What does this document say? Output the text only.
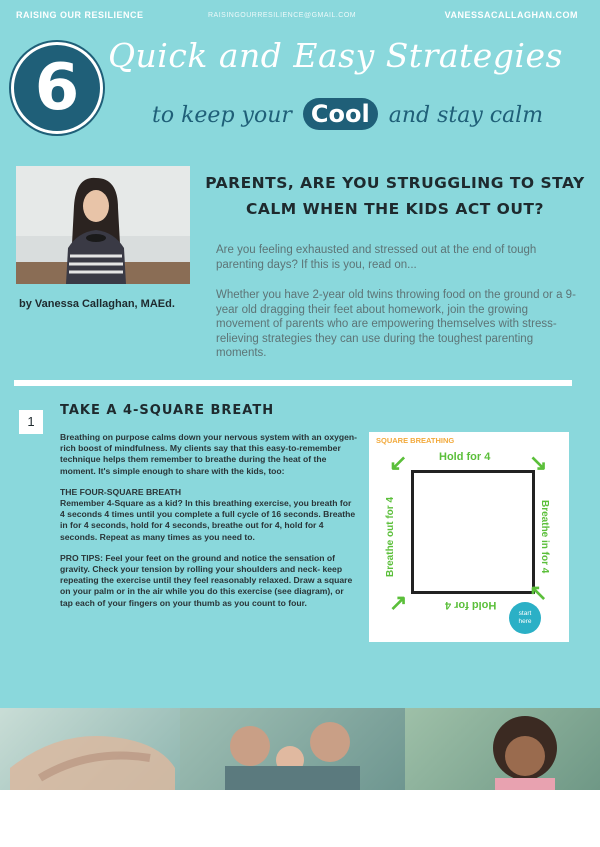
RAISING OUR RESILIENCE	RAISINGOURRESILIENCE@GMAIL.COM	VANESSACALLAGHAN.COM
6 Quick and Easy Strategies
to keep your Cool and stay calm
by Vanessa Callaghan, MAEd.
PARENTS, ARE YOU STRUGGLING TO STAY
CALM WHEN THE KIDS ACT OUT?

Are you feeling exhausted and stressed out at the end of tough parenting days? If this is you, read on...

Whether you have 2-year old twins throwing food on the ground or a 9-year old dragging their feet about homework, join the growing movement of parents who are empowering themselves with stress-relieving strategies they can use during the toughest parenting moments.

1
TAKE A 4-SQUARE BREATH

Breathing on purpose calms down your nervous system with an oxygen-rich boost of mindfulness. My clients say that this easy-to-remember technique helps them remember to breathe during the heat of the moment. It's simple enough to share with the kids, too:

THE FOUR-SQUARE BREATH

Remember 4-Square as a kid? In this breathing exercise, you breath for 4 seconds 4 times until you complete a full cycle of 16 seconds. Breathe in for 4 seconds, hold for 4 seconds, breathe out for 4, hold for 4 seconds. Repeat as many times as you need to.

PRO TIPS: Feel your feet on the ground and notice the sensation of gravity. Check your tension by rolling your shoulders and neck- keep repeating the exercise until they feel reasonably relaxed. Draw a square on your palm or in the air while you do this exercise (see diagram), or tap each of your fingers on your thumb as you count to four.

SQUARE BREATHING
Hold for 4
↙	↘
Breathe out for 4	Breathe in for 4
Hold for 4
↗	↖
start
here
